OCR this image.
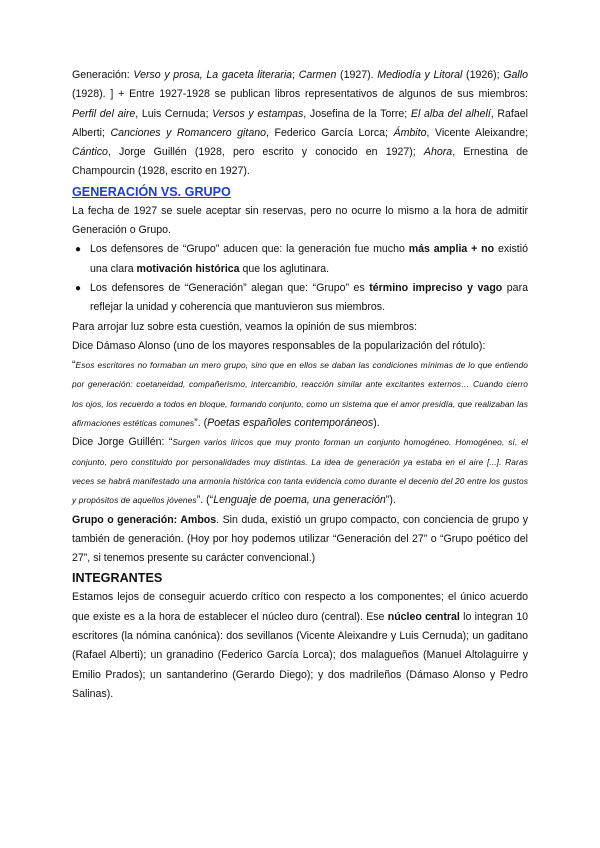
Generación: Verso y prosa, La gaceta literaria; Carmen (1927). Mediodía y Litoral (1926); Gallo (1928). ] + Entre 1927-1928 se publican libros representativos de algunos de sus miembros: Perfil del aire, Luis Cernuda; Versos y estampas, Josefina de la Torre; El alba del alhelí, Rafael Alberti; Canciones y Romancero gitano, Federico García Lorca; Ámbito, Vicente Aleixandre; Cántico, Jorge Guillén (1928, pero escrito y conocido en 1927); Ahora, Ernestina de Champourcin (1928, escrito en 1927).

GENERACIÓN VS. GRUPO

La fecha de 1927 se suele aceptar sin reservas, pero no ocurre lo mismo a la hora de admitir Generación o Grupo.

● Los defensores de “Grupo” aducen que: la generación fue mucho más amplia + no existió una clara motivación histórica que los aglutinara.
● Los defensores de “Generación” alegan que: “Grupo” es término impreciso y vago para reflejar la unidad y coherencia que mantuvieron sus miembros.

Para arrojar luz sobre esta cuestión, veamos la opinión de sus miembros:

Dice Dámaso Alonso (uno de los mayores responsables de la popularización del rótulo):

“Esos escritores no formaban un mero grupo, sino que en ellos se daban las condiciones mínimas de lo que entiendo por generación: coetaneidad, compañerismo, intercambio, reacción similar ante excitantes externos… Cuando cierro los ojos, los recuerdo a todos en bloque, formando conjunto, como un sistema que el amor presidía, que realizaban las afirmaciones estéticas comunes”. (Poetas españoles contemporáneos).

Dice Jorge Guillén: “Surgen varios líricos que muy pronto forman un conjunto homogéneo. Homogéneo, sí, el conjunto, pero constituido por personalidades muy distintas. La idea de generación ya estaba en el aire [...]. Raras veces se habrá manifestado una armonía histórica con tanta evidencia como durante el decenio del 20 entre los gustos y propósitos de aquellos jóvenes”. (“Lenguaje de poema, una generación”).

Grupo o generación: Ambos. Sin duda, existió un grupo compacto, con conciencia de grupo y también de generación. (Hoy por hoy podemos utilizar “Generación del 27” o “Grupo poético del 27”, si tenemos presente su carácter convencional.)

INTEGRANTES

Estamos lejos de conseguir acuerdo crítico con respecto a los componentes; el único acuerdo que existe es a la hora de establecer el núcleo duro (central). Ese núcleo central lo integran 10 escritores (la nómina canónica): dos sevillanos (Vicente Aleixandre y Luis Cernuda); un gaditano (Rafael Alberti); un granadino (Federico García Lorca); dos malagueños (Manuel Altolaguirre y Emilio Prados); un santanderino (Gerardo Diego); y dos madrileños (Dámaso Alonso y Pedro Salinas).
